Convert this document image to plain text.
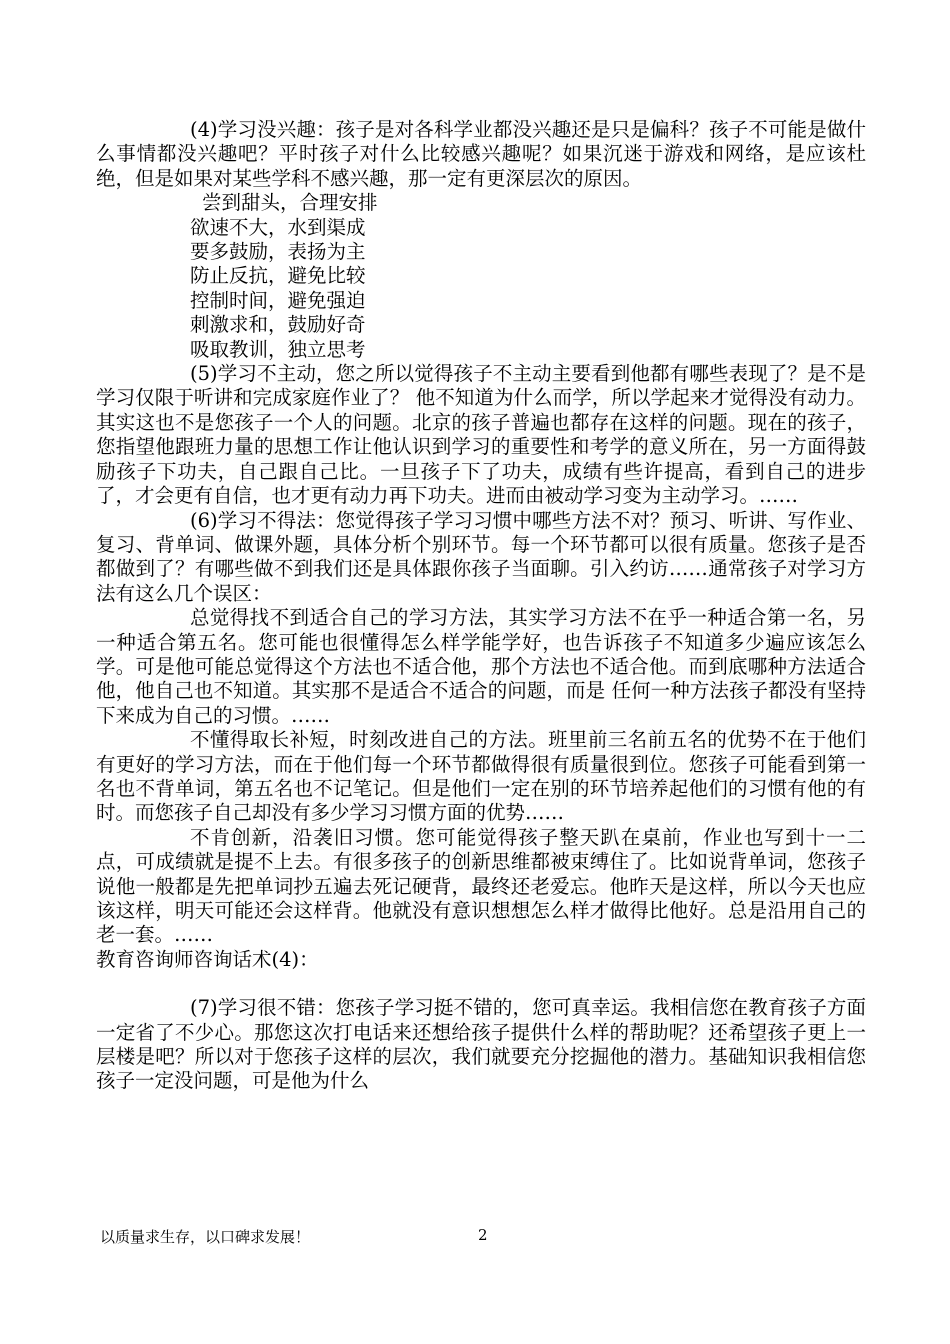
(4)学习没兴趣：孩子是对各科学业都没兴趣还是只是偏科？孩子不可能是做什么事情都没兴趣吧？平时孩子对什么比较感兴趣呢？如果沉迷于游戏和网络，是应该杜绝，但是如果对某些学科不感兴趣，那一定有更深层次的原因。

尝到甜头，合理安排

欲速不大，水到渠成

要多鼓励，表扬为主

防止反抗，避免比较

控制时间，避免强迫

刺激求和，鼓励好奇

吸取教训，独立思考

(5)学习不主动，您之所以觉得孩子不主动主要看到他都有哪些表现了？是不是学习仅限于听讲和完成家庭作业了？ 他不知道为什么而学，所以学起来才觉得没有动力。其实这也不是您孩子一个人的问题。北京的孩子普遍也都存在这样的问题。现在的孩子，您指望他跟班力量的思想工作让他认识到学习的重要性和考学的意义所在，另一方面得鼓励孩子下功夫，自己跟自己比。一旦孩子下了功夫，成绩有些许提高，看到自己的进步了，才会更有自信，也才更有动力再下功夫。进而由被动学习变为主动学习。……

(6)学习不得法：您觉得孩子学习习惯中哪些方法不对？预习、听讲、写作业、复习、背单词、做课外题，具体分析个别环节。每一个环节都可以很有质量。您孩子是否都做到了？有哪些做不到我们还是具体跟你孩子当面聊。引入约访……通常孩子对学习方法有这么几个误区：

总觉得找不到适合自己的学习方法，其实学习方法不在乎一种适合第一名，另一种适合第五名。您可能也很懂得怎么样学能学好，也告诉孩子不知道多少遍应该怎么学。可是他可能总觉得这个方法也不适合他，那个方法也不适合他。而到底哪种方法适合他，他自己也不知道。其实那不是适合不适合的问题，而是 任何一种方法孩子都没有坚持下来成为自己的习惯。……

不懂得取长补短，时刻改进自己的方法。班里前三名前五名的优势不在于他们有更好的学习方法，而在于他们每一个环节都做得很有质量很到位。您孩子可能看到第一名也不背单词，第五名也不记笔记。但是他们一定在别的环节培养起他们的习惯有他的有时。而您孩子自己却没有多少学习习惯方面的优势……

不肯创新，沿袭旧习惯。您可能觉得孩子整天趴在桌前，作业也写到十一二点，可成绩就是提不上去。有很多孩子的创新思维都被束缚住了。比如说背单词，您孩子说他一般都是先把单词抄五遍去死记硬背，最终还老爱忘。他昨天是这样，所以今天也应该这样，明天可能还会这样背。他就没有意识想想怎么样才做得比他好。总是沿用自己的老一套。……

教育咨询师咨询话术(4)：

(7)学习很不错：您孩子学习挺不错的，您可真幸运。我相信您在教育孩子方面一定省了不少心。那您这次打电话来还想给孩子提供什么样的帮助呢？还希望孩子更上一层楼是吧？所以对于您孩子这样的层次，我们就要充分挖掘他的潜力。基础知识我相信您孩子一定没问题，可是他为什么

以质量求生存，以口碑求发展！	2
